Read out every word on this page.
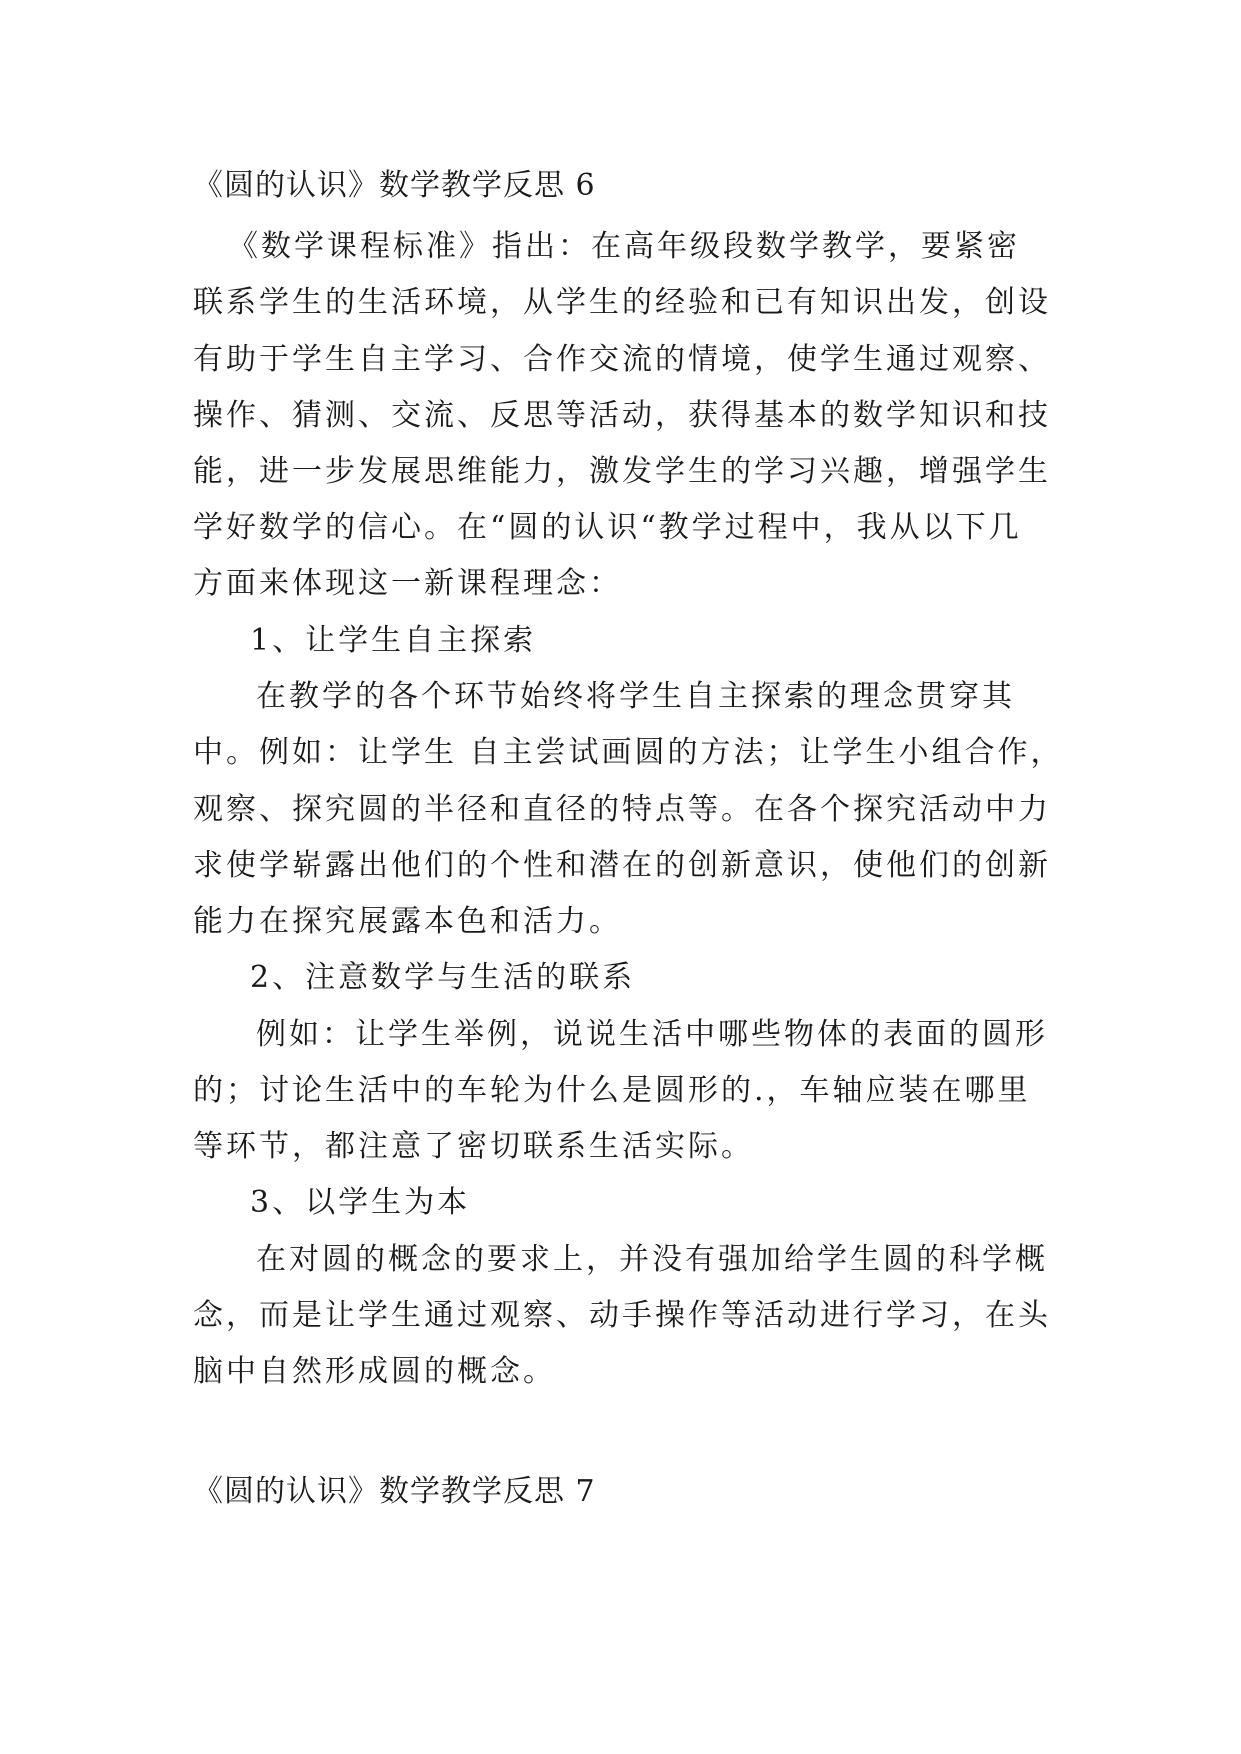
《圆的认识》数学教学反思 6
《数学课程标准》指出：在高年级段数学教学，要紧密
联系学生的生活环境，从学生的经验和已有知识出发，创设
有助于学生自主学习、合作交流的情境，使学生通过观察、
操作、猜测、交流、反思等活动，获得基本的数学知识和技
能，进一步发展思维能力，激发学生的学习兴趣，增强学生
学好数学的信心。在“圆的认识“教学过程中，我从以下几
方面来体现这一新课程理念：
1、让学生自主探索
在教学的各个环节始终将学生自主探索的理念贯穿其
中。例如：让学生 自主尝试画圆的方法；让学生小组合作，
观察、探究圆的半径和直径的特点等。在各个探究活动中力
求使学崭露出他们的个性和潜在的创新意识，使他们的创新
能力在探究展露本色和活力。
2、注意数学与生活的联系
例如：让学生举例，说说生活中哪些物体的表面的圆形
的；讨论生活中的车轮为什么是圆形的.，车轴应装在哪里
等环节，都注意了密切联系生活实际。
3、以学生为本
在对圆的概念的要求上，并没有强加给学生圆的科学概
念，而是让学生通过观察、动手操作等活动进行学习，在头
脑中自然形成圆的概念。
《圆的认识》数学教学反思 7
